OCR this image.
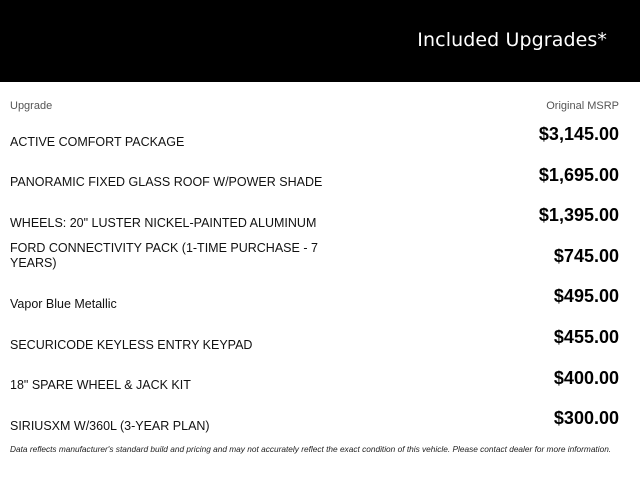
Included Upgrades*
Upgrade	Original MSRP
ACTIVE COMFORT PACKAGE	$3,145.00
PANORAMIC FIXED GLASS ROOF W/POWER SHADE	$1,695.00
WHEELS: 20" LUSTER NICKEL-PAINTED ALUMINUM	$1,395.00
FORD CONNECTIVITY PACK (1-TIME PURCHASE - 7 YEARS)	$745.00
Vapor Blue Metallic	$495.00
SECURICODE KEYLESS ENTRY KEYPAD	$455.00
18" SPARE WHEEL & JACK KIT	$400.00
SIRIUSXM W/360L (3-YEAR PLAN)	$300.00
Data reflects manufacturer's standard build and pricing and may not accurately reflect the exact condition of this vehicle. Please contact dealer for more information.
